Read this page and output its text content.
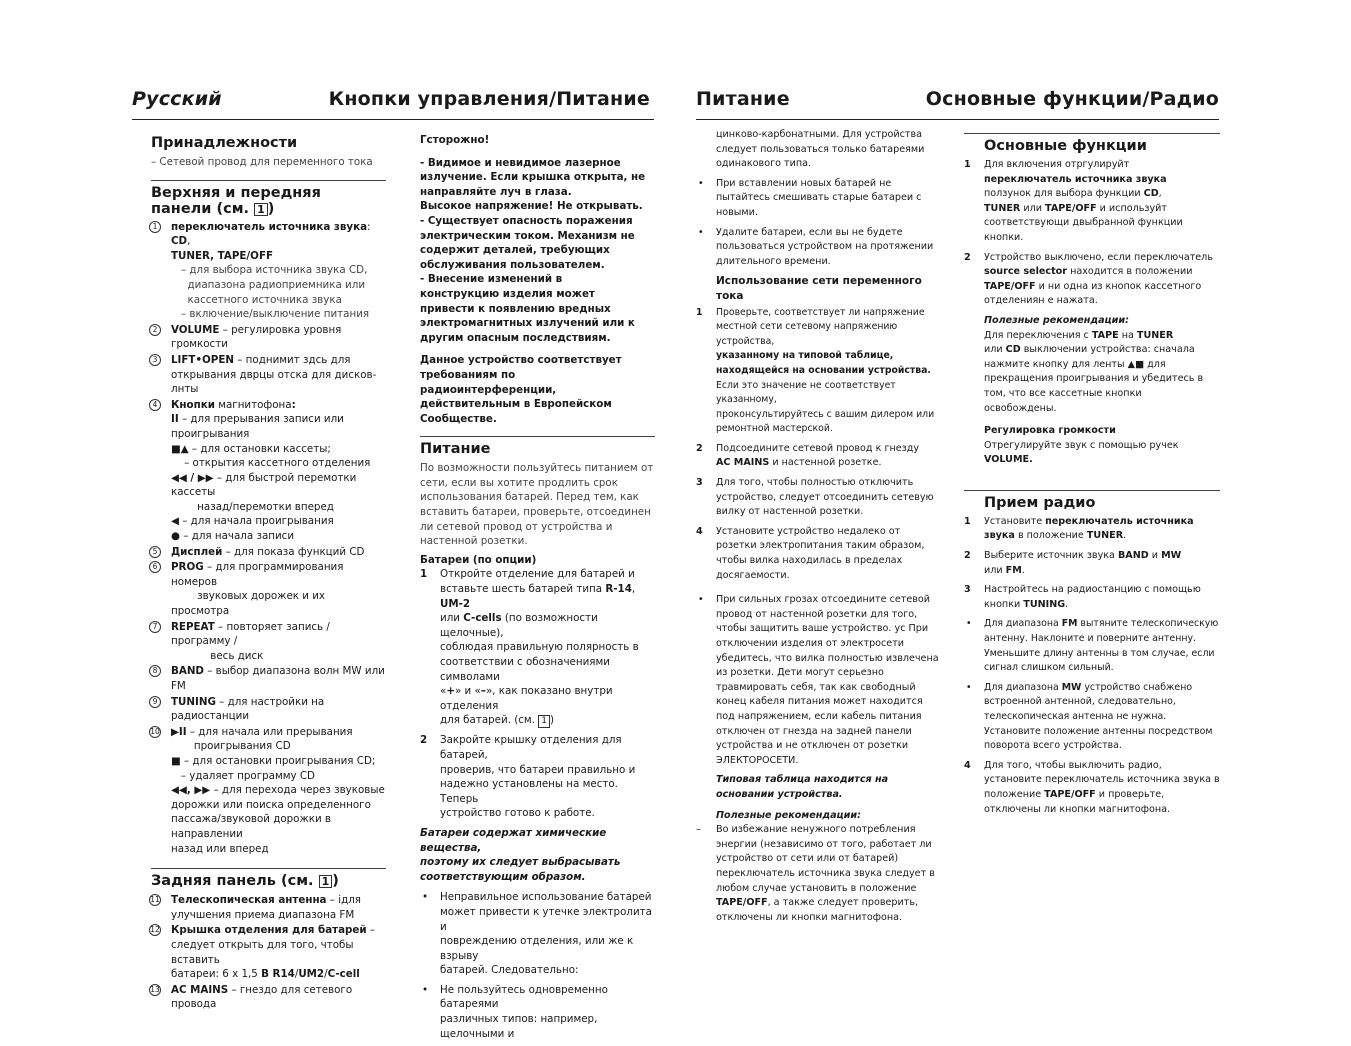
Русский	Кнопки управления/Питание
Принадлежности
– Сетевой провод для переменного тока
Верхняя и передняя
панели (см. 1 )
1	переключатель источника звука: CD,
TUNER, TAPE/OFF
– для выбора источника звука CD,
диапазона радиоприемника или
кассетного источника звука
– включение/выключение питания
2	VOLUME – регулировка уровня громкости
3	LIFT•OPEN – поднимит здсь для
открывания дврцы отска для дисков-лнты
4	Кнопки магнитофона:
II – для прерывания записи или проигрывания
■▲ – для остановки кассеты;
– открытия кассетного отделения
◀◀ / ▶▶ – для быстрой перемотки кассеты
назад/перемотки вперед
◀ – для начала проигрывания
● – для начала записи
5	Дисплей – для показа функций CD
6	PROG – для программирования номеров
звуковых дорожек и их просмотра
7	REPEAT – повторяет запись / программу /
весь диск
8	BAND – выбор диапазона волн MW или FM
9	TUNING – для настройки на радиостанции
10 ▶II – для начала или прерывания
проигрывания CD
■ – для остановки проигрывания CD;
– удаляет программу CD
◀◀, ▶▶ – для перехода через звуковые
дорожки или поиска определенного
пассажа/звуковой дорожки в направлении
назад или вперед
Задняя панель (см. 1 )
11 Телескопическая антенна – ідля
улучшения приема диапазона FM
12 Крышка отделения для батарей –
следует открыть для того, чтобы вставить
батареи: 6 x 1,5 B R14/UM2/C-cell
13 AC MAINS – гнездо для сетевого провода
Гсторожно!
- Видимое и невидимое лазерное
излучение. Если крышка открыта, не
направляйте луч в глаза.
Высокое напряжение! Не открывать.
- Существует опасность поражения
электрическим током. Механизм не
содержит деталей, требующих
обслуживания пользователем.
- Внесение изменений в
конструкцию изделия может
привести к появлению вредных
электромагнитных излучений или к
другим опасным последствиям.
Данное устройство соответствует
требованиям по
радиоинтерференции,
действительным в Европейском
Сообществе.
Питание
По возможности пользуйтесь питанием от
сети, если вы хотите продлить срок
использования батарей. Перед тем, как
вставить батареи, проверьте, отсоединен
ли сетевой провод от устройства и
настенной розетки.
Батареи (по опции)
1 Откройте отделение для батарей и
вставьте шесть батарей типа R-14, UM-2
или C-cells (по возможности щелочные),
соблюдая правильную полярность в
соответствии с обозначениями символами
«+» и «–», как показано внутри отделения
для батарей. (см. 1 )
2 Закройте крышку отделения для батарей,
проверив, что батареи правильно и
надежно установлены на место. Теперь
устройство готово к работе.
Батареи содержат химические вещества,
поэтому их следует выбрасывать
соответствующим образом.
• Неправильное использование батарей
может привести к утечке электролита и
повреждению отделения, или же к взрыву
батарей. Следовательно:
• Не пользуйтесь одновременно батареями
различных типов: например, щелочными и
Питание	Основные функции/Радио
цинково-карбонатными. Для устройства
следует пользоваться только батареями
одинакового типа.
• При вставлении новых батарей не
пытайтесь смешивать старые батареи с
новыми.
• Удалите батареи, если вы не будете
пользоваться устройством на протяжении
длительного времени.
Использование сети переменного тока
1 Проверьте, соответствует ли напряжение
местной сети сетевому напряжению устройства,
указанному на типовой таблице,
находящейся на основании устройства.
Если это значение не соответствует указанному,
проконсультируйтесь с вашим дилером или
ремонтной мастерской.
2 Подсоедините сетевой провод к гнезду
AC MAINS и настенной розетке.
3 Для того, чтобы полностью отключить
устройство, следует отсоединить сетевую
вилку от настенной розетки.
4 Установите устройство недалеко от
розетки электропитания таким образом,
чтобы вилка находилась в пределах
досягаемости.
• При сильных грозах отсоедините сетевой
провод от настенной розетки для того,
чтобы защитить ваше устройство. ус При
отключении изделия от электросети
убедитесь, что вилка полностью извлечена
из розетки. Дети могут серьезно
травмировать себя, так как свободный
конец кабеля питания может находится
под напряжением, если кабель питания
отключен от гнезда на задней панели
устройства и не отключен от розетки
ЭЛЕКТОРОСЕТИ.
Типовая таблица находится на
основании устройства.
Полезные рекомендации:
– Во избежание ненужного потребления
энергии (независимо от того, работает ли
устройство от сети или от батарей)
переключатель источника звука следует в
любом случае установить в положение
TAPE/OFF, а также следует проверить,
отключены ли кнопки магнитофона.
Основные функции
1 Для включения отргулируйт
переключатель источника звука
ползунок для выбора функции CD,
TUNER или TAPE/OFF и используйт
соответствующи двыбранной функции
кнопки.
2 Устройство выключено, если переключатель
source selector находится в положении
TAPE/OFF и ни одна из кнопок кассетного
отделениян е нажата.
Полезные рекомендации:
Для переключения с TAPE на TUNER
или CD выключении устройства: сначала
нажмите кнопку для ленты ▲■ для
прекращения проигрывания и убедитесь в
том, что все кассетные кнопки
освобождены.
Регулировка громкости
Отрегулируйте звук с помощью ручек
VOLUME.
Прием радио
1 Установите переключатель источника
звука в положение TUNER.
2 Выберите источник звука BAND и MW
или FM.
3 Настройтесь на радиостанцию с помощью
кнопки TUNING.
• Для диапазона FM вытяните телескопическую
антенну. Наклоните и поверните антенну.
Уменьшите длину антенны в том случае, если
сигнал слишком сильный.
• Для диапазона MW устройство снабжено
встроенной антенной, следовательно,
телескопическая антенна не нужна.
Установите положение антенны посредством
поворота всего устройства.
4 Для того, чтобы выключить радио,
установите переключатель источника звука в
положение TAPE/OFF и проверьте,
отключены ли кнопки магнитофона.
